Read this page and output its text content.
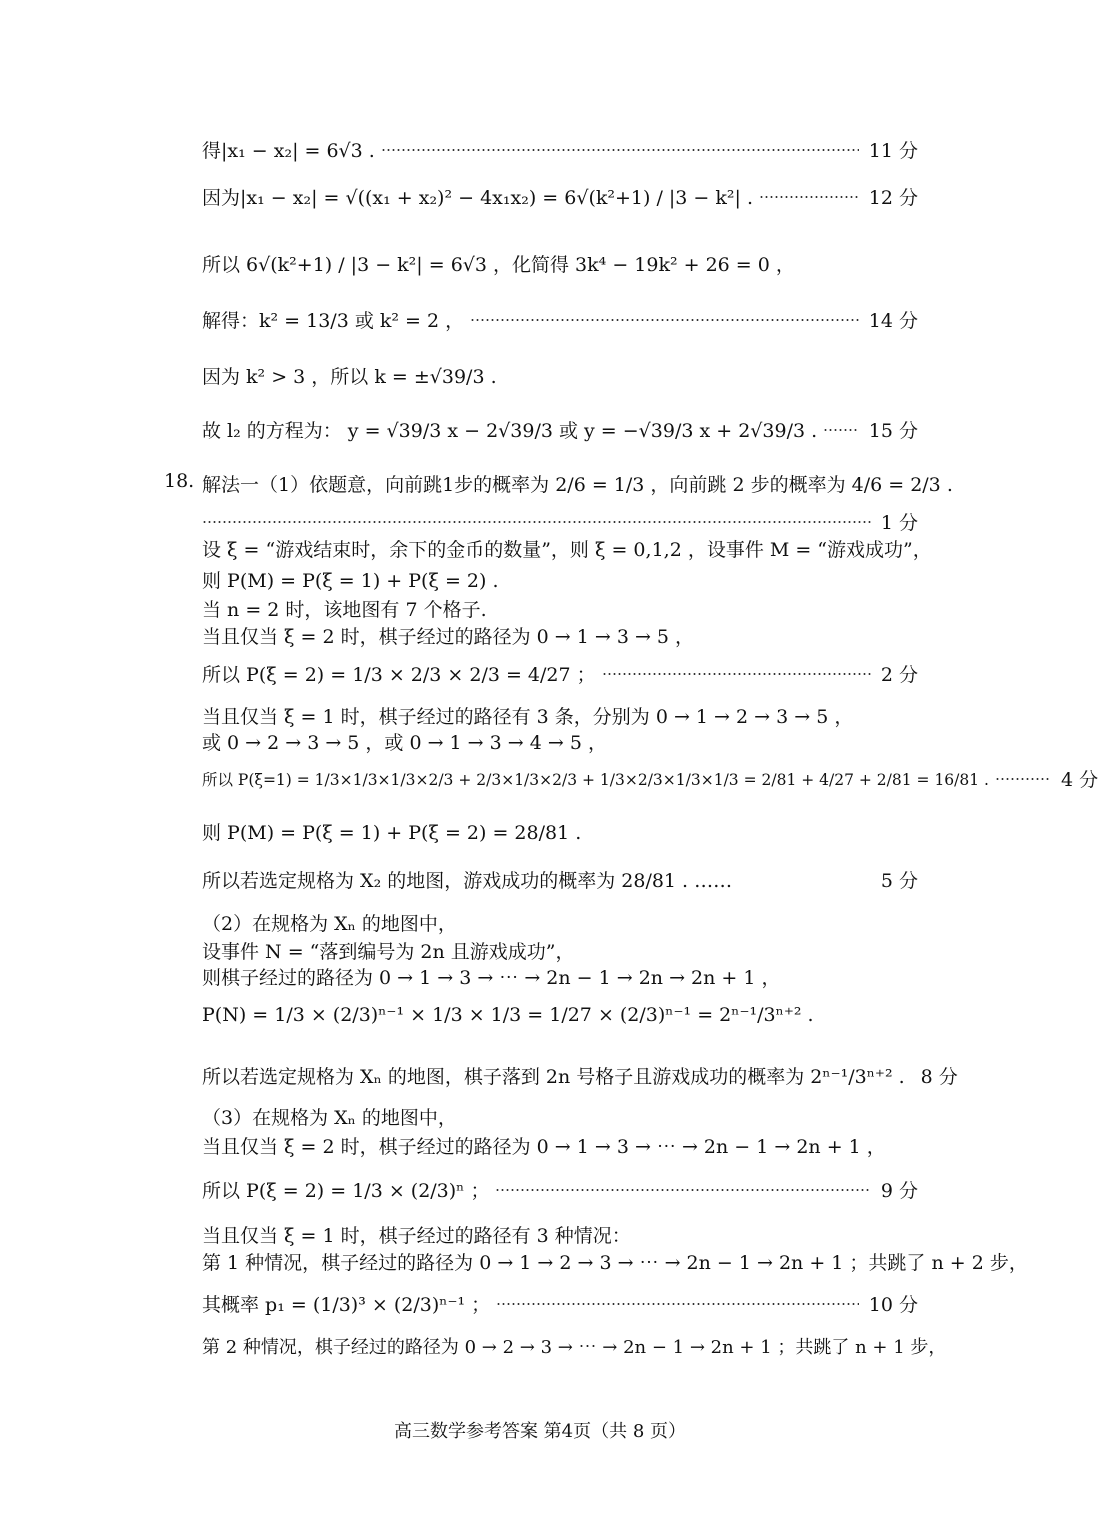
得|x₁ − x₂| = 6√3 .	11 分
因为|x₁ − x₂| = √((x₁ + x₂)² − 4x₁x₂) = 6√(k²+1) / |3 − k²| .	12 分
所以 6√(k²+1) / |3 − k²| = 6√3 ，化简得 3k⁴ − 19k² + 26 = 0 ，
解得：k² = 13/3 或 k² = 2 ，	14 分
因为 k² > 3 ，所以 k = ±√39/3 .
故 l₂ 的方程为： y = √39/3 x − 2√39/3 或 y = −√39/3 x + 2√39/3 .	15 分
18. 解法一（1）依题意，向前跳1步的概率为 2/6 = 1/3 ，向前跳 2 步的概率为 4/6 = 2/3 .
1 分
设 ξ = “游戏结束时，余下的金币的数量”，则 ξ = 0,1,2 ，设事件 M = “游戏成功”，
则 P(M) = P(ξ = 1) + P(ξ = 2) .
当 n = 2 时，该地图有 7 个格子.
当且仅当 ξ = 2 时，棋子经过的路径为 0 → 1 → 3 → 5 ，
所以 P(ξ = 2) = 1/3 × 2/3 × 2/3 = 4/27 ；	2 分
当且仅当 ξ = 1 时，棋子经过的路径有 3 条，分别为 0 → 1 → 2 → 3 → 5 ，
或 0 → 2 → 3 → 5 ，或 0 → 1 → 3 → 4 → 5 ，
所以 P(ξ=1) = 1/3×1/3×1/3×2/3 + 2/3×1/3×2/3 + 1/3×2/3×1/3×1/3 = 2/81 + 4/27 + 2/81 = 16/81 .	4 分
则 P(M) = P(ξ = 1) + P(ξ = 2) = 28/81 .
所以若选定规格为 X₂ 的地图，游戏成功的概率为 28/81 . ……	5 分
（2）在规格为 Xₙ 的地图中，
设事件 N = “落到编号为 2n 且游戏成功”，
则棋子经过的路径为 0 → 1 → 3 → ⋯ → 2n − 1 → 2n → 2n + 1 ，
P(N) = 1/3 × (2/3)ⁿ⁻¹ × 1/3 × 1/3 = 1/27 × (2/3)ⁿ⁻¹ = 2ⁿ⁻¹/3ⁿ⁺² .
所以若选定规格为 Xₙ 的地图，棋子落到 2n 号格子且游戏成功的概率为 2ⁿ⁻¹/3ⁿ⁺² . 8 分
（3）在规格为 Xₙ 的地图中，
当且仅当 ξ = 2 时，棋子经过的路径为 0 → 1 → 3 → ⋯ → 2n − 1 → 2n + 1 ，
所以 P(ξ = 2) = 1/3 × (2/3)ⁿ ；	9 分
当且仅当 ξ = 1 时，棋子经过的路径有 3 种情况：
第 1 种情况，棋子经过的路径为 0 → 1 → 2 → 3 → ⋯ → 2n − 1 → 2n + 1 ；共跳了 n + 2 步，
其概率 p₁ = (1/3)³ × (2/3)ⁿ⁻¹ ；	10 分
第 2 种情况，棋子经过的路径为 0 → 2 → 3 → ⋯ → 2n − 1 → 2n + 1 ；共跳了 n + 1 步，
高三数学参考答案 第4页（共 8 页）
